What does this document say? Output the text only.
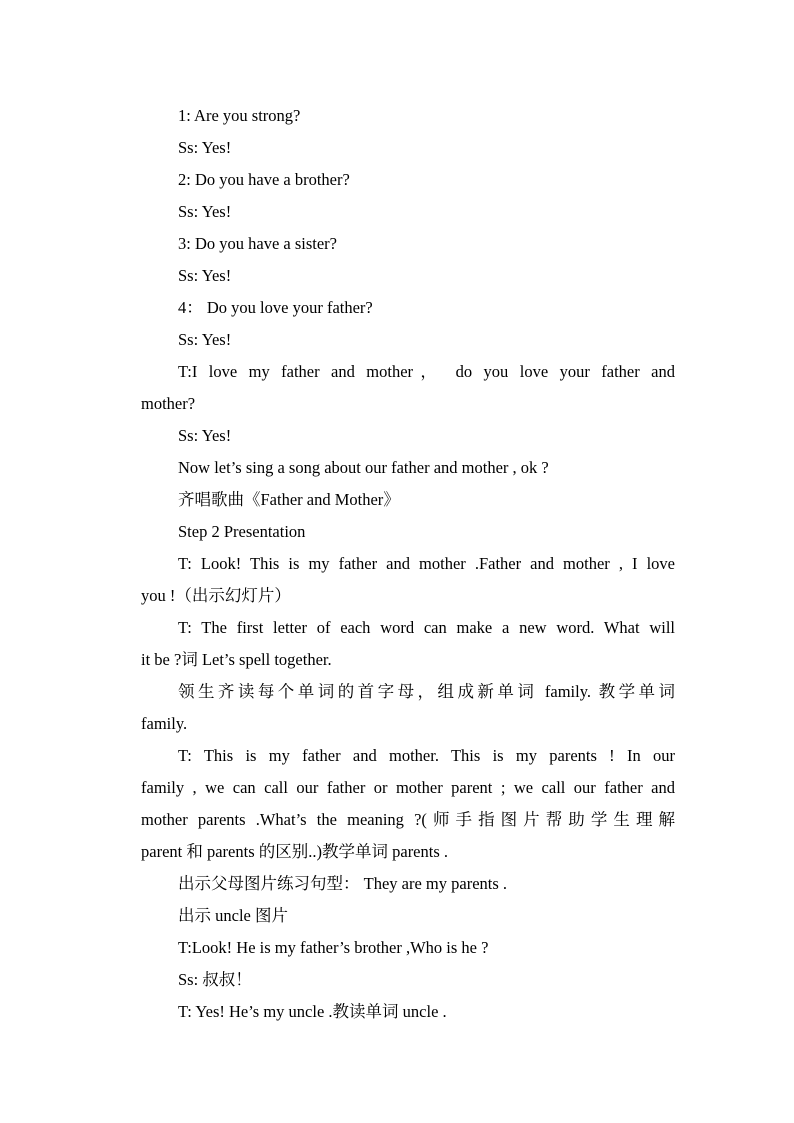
1: Are you strong?
Ss: Yes!
2: Do you have a brother?
Ss: Yes!
3: Do you have a sister?
Ss: Yes!
4： Do you love your father?
Ss: Yes!
T:I love my father and mother， do you love your father and
mother?
Ss: Yes!
Now let’s sing a song about our father and mother , ok ?
齐唱歌曲《Father and Mother》
Step 2 Presentation
T: Look! This is my father and mother .Father and mother , I love
you !（出示幻灯片）
T: The first letter of each word can make a new word. What will
it be ?词 Let’s spell together.
领生齐读每个单词的首字母，组成新单词 family. 教学单词
family.
T: This is my father and mother. This is my parents ! In our
family , we can call our father or mother parent ; we call our father and
mother parents .What’s the meaning ?(师手指图片帮助学生理解
parent 和 parents 的区别..)教学单词 parents .
出示父母图片练习句型： They are my parents .
出示 uncle 图片
T:Look! He is my father’s brother ,Who is he ?
Ss: 叔叔！
T: Yes! He’s my uncle .教读单词 uncle .
